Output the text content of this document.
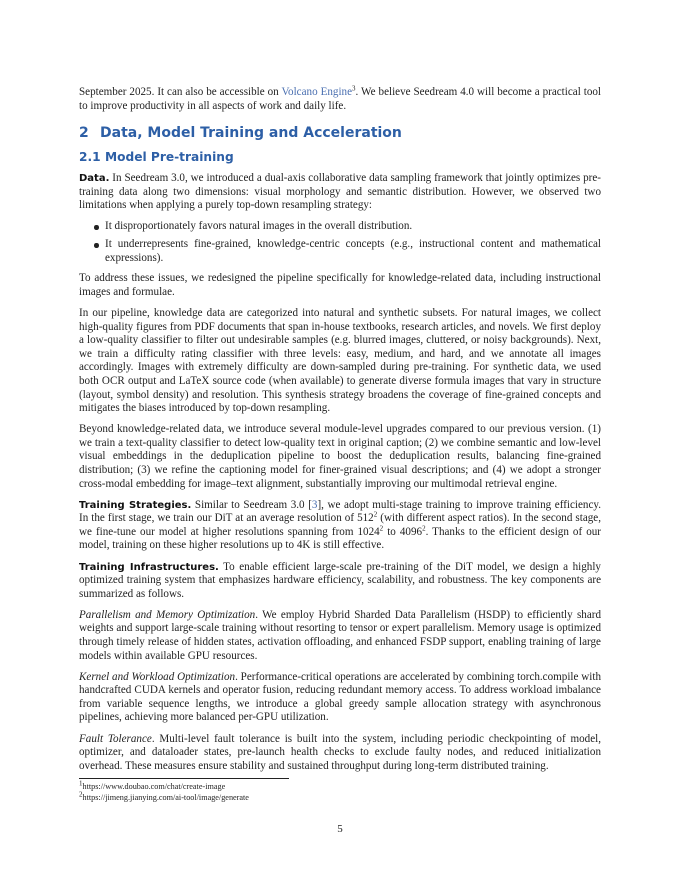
September 2025. It can also be accessible on Volcano Engine$^3$. We believe Seedream 4.0 will become a practical tool to improve productivity in all aspects of work and daily life.

2 Data, Model Training and Acceleration
2.1 Model Pre-training

Data. In Seedream 3.0, we introduced a dual-axis collaborative data sampling framework that jointly optimizes pre-training data along two dimensions: visual morphology and semantic distribution. However, we observed two limitations when applying a purely top-down resampling strategy:

It disproportionately favors natural images in the overall distribution.
It underrepresents fine-grained, knowledge-centric concepts (e.g., instructional content and mathematical expressions).

To address these issues, we redesigned the pipeline specifically for knowledge-related data, including instructional images and formulae.

In our pipeline, knowledge data are categorized into natural and synthetic subsets. For natural images, we collect high-quality figures from PDF documents that span in-house textbooks, research articles, and novels. We first deploy a low-quality classifier to filter out undesirable samples (e.g. blurred images, cluttered, or noisy backgrounds). Next, we train a difficulty rating classifier with three levels: easy, medium, and hard, and we annotate all images accordingly. Images with extremely difficulty are down-sampled during pre-training. For synthetic data, we used both OCR output and LaTeX source code (when available) to generate diverse formula images that vary in structure (layout, symbol density) and resolution. This synthesis strategy broadens the coverage of fine-grained concepts and mitigates the biases introduced by top-down resampling.

Beyond knowledge-related data, we introduce several module-level upgrades compared to our previous version. (1) we train a text-quality classifier to detect low-quality text in original caption; (2) we combine semantic and low-level visual embeddings in the deduplication pipeline to boost the deduplication results, balancing fine-grained distribution; (3) we refine the captioning model for finer-grained visual descriptions; and (4) we adopt a stronger cross-modal embedding for image–text alignment, substantially improving our multimodal retrieval engine.

Training Strategies. Similar to Seedream 3.0 [3], we adopt multi-stage training to improve training efficiency. In the first stage, we train our DiT at an average resolution of $512^2$ (with different aspect ratios). In the second stage, we fine-tune our model at higher resolutions spanning from 1024$^2$ to 4096$^2$. Thanks to the efficient design of our model, training on these higher resolutions up to 4K is still effective.

Training Infrastructures. To enable efficient large-scale pre-training of the DiT model, we design a highly optimized training system that emphasizes hardware efficiency, scalability, and robustness. The key components are summarized as follows.

Parallelism and Memory Optimization. We employ Hybrid Sharded Data Parallelism (HSDP) to efficiently shard weights and support large-scale training without resorting to tensor or expert parallelism. Memory usage is optimized through timely release of hidden states, activation offloading, and enhanced FSDP support, enabling training of large models within available GPU resources.

Kernel and Workload Optimization. Performance-critical operations are accelerated by combining torch.compile with handcrafted CUDA kernels and operator fusion, reducing redundant memory access. To address workload imbalance from variable sequence lengths, we introduce a global greedy sample allocation strategy with asynchronous pipelines, achieving more balanced per-GPU utilization.

Fault Tolerance. Multi-level fault tolerance is built into the system, including periodic checkpointing of model, optimizer, and dataloader states, pre-launch health checks to exclude faulty nodes, and reduced initialization overhead. These measures ensure stability and sustained throughput during long-term distributed training.

$^1$https://www.doubao.com/chat/create-image
$^2$https://jimeng.jianying.com/ai-tool/image/generate
5
